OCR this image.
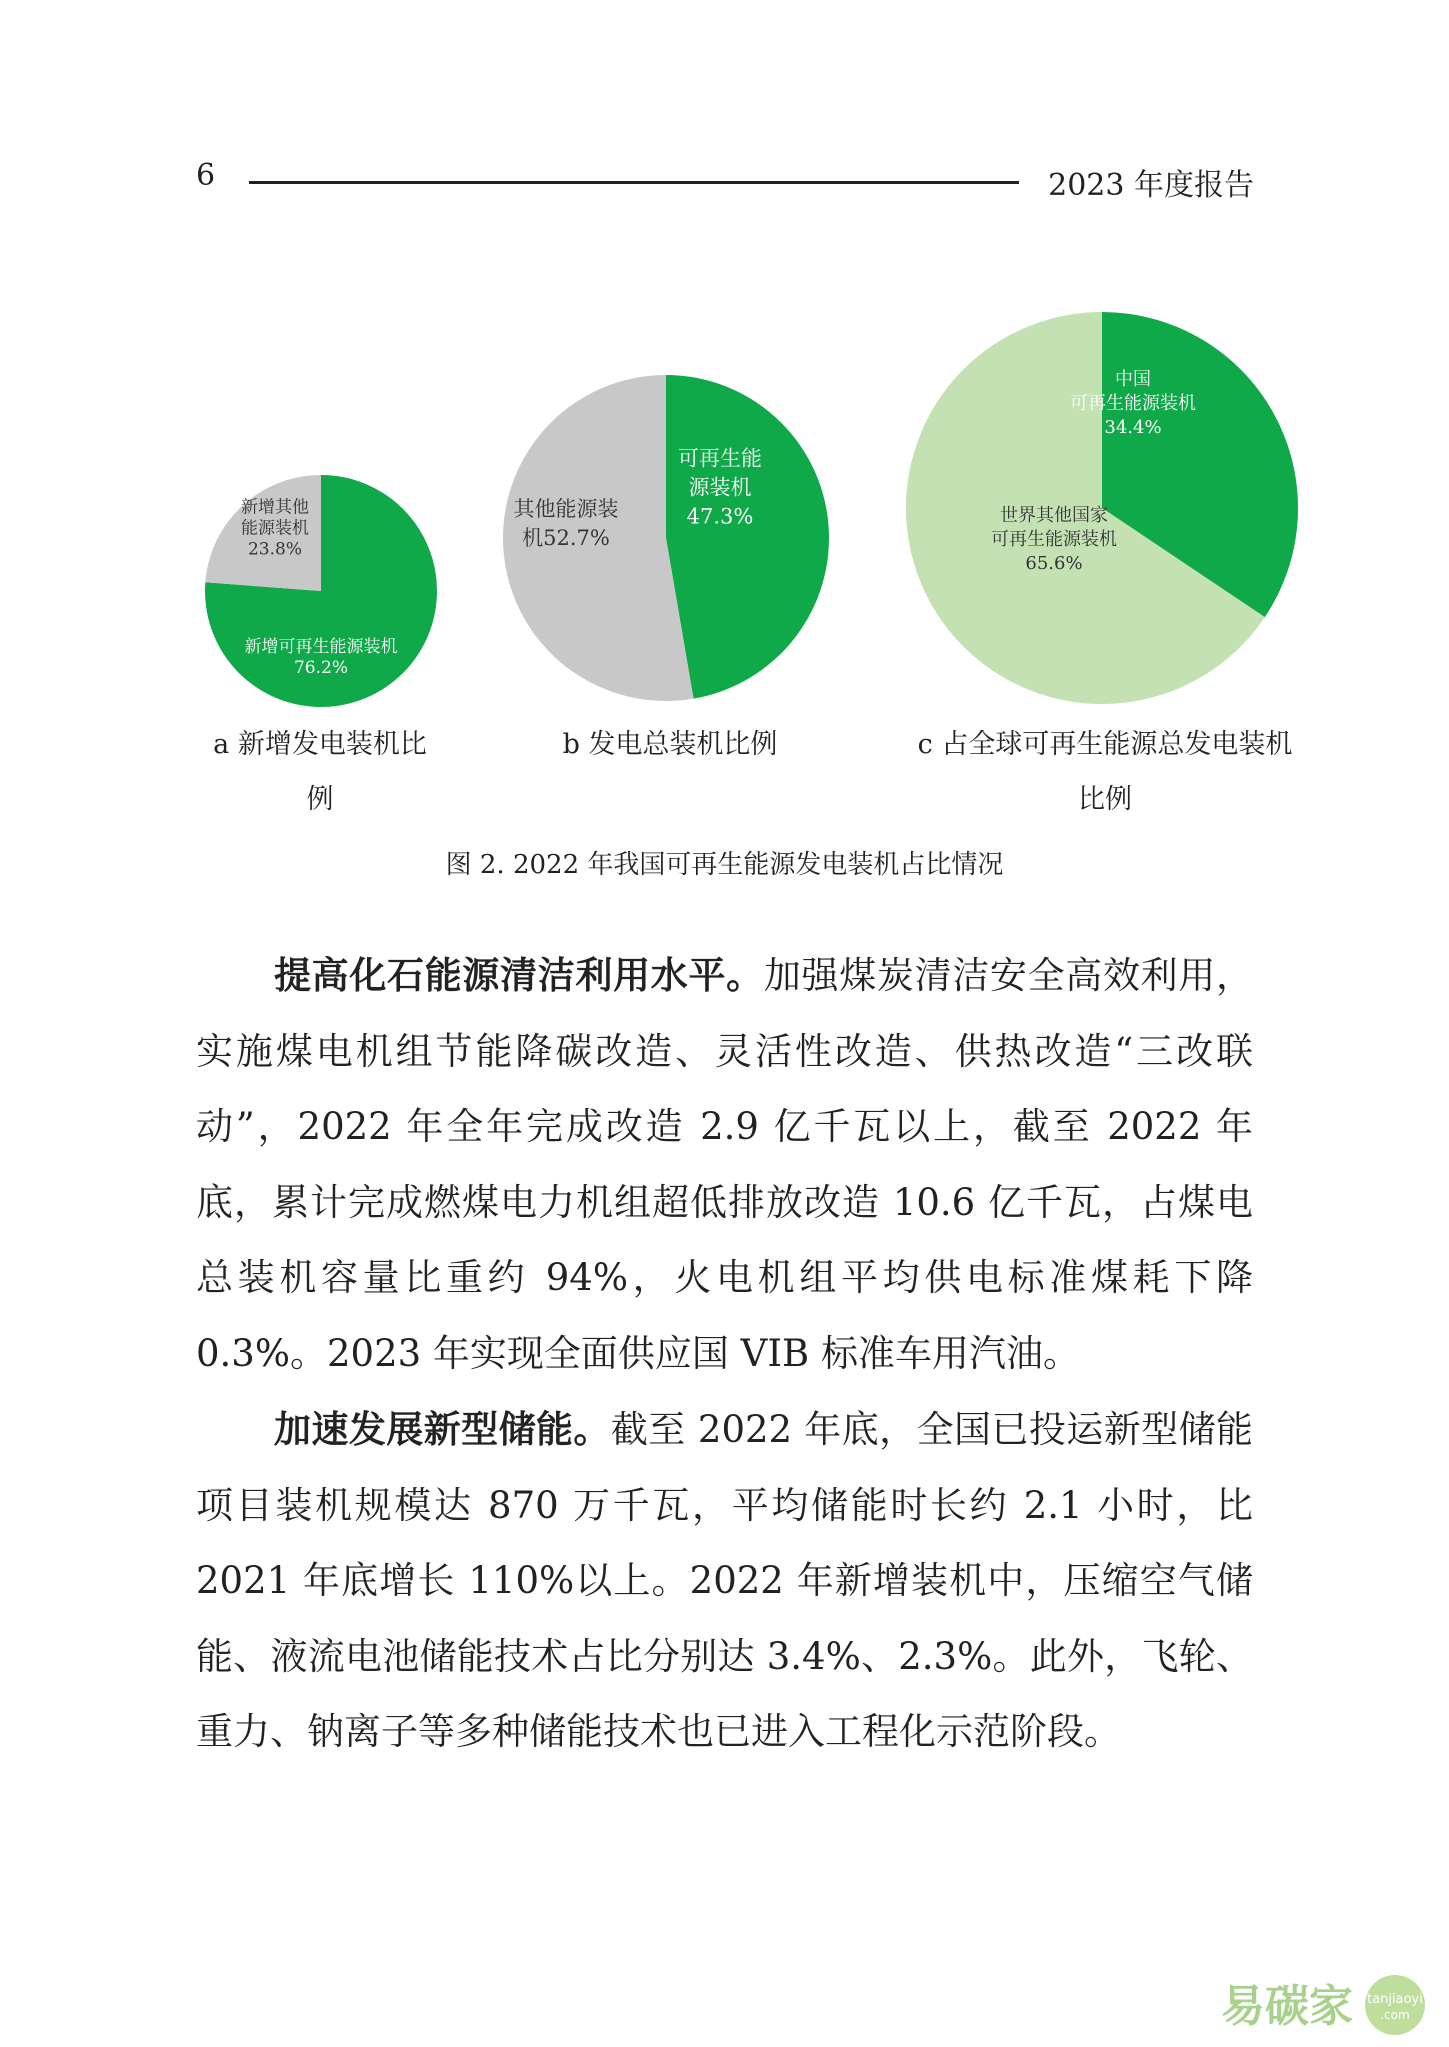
6	2023 年度报告
新增可再生能源装机
76.2%
新增其他
能源装机
23.8%
可再生能
源装机
47.3%
其他能源装
机52.7%
中国
可再生能源装机
34.4%
世界其他国家
可再生能源装机
65.6%
a 新增发电装机比
例
b 发电总装机比例	c 占全球可再生能源总发电装机
比例
图 2. 2022 年我国可再生能源发电装机占比情况

提高化石能源清洁利用水平。加强煤炭清洁安全高效利用，实施煤电机组节能降碳改造、灵活性改造、供热改造“三改联动”，2022 年全年完成改造 2.9 亿千瓦以上，截至 2022 年底，累计完成燃煤电力机组超低排放改造 10.6 亿千瓦，占煤电总装机容量比重约 94%，火电机组平均供电标准煤耗下降 0.3%。2023 年实现全面供应国 VIB 标准车用汽油。

加速发展新型储能。截至 2022 年底，全国已投运新型储能项目装机规模达 870 万千瓦，平均储能时长约 2.1 小时，比 2021 年底增长 110%以上。2022 年新增装机中，压缩空气储能、液流电池储能技术占比分别达 3.4%、2.3%。此外，飞轮、重力、钠离子等多种储能技术也已进入工程化示范阶段。

易碳家 tanjiaoyi
.com
